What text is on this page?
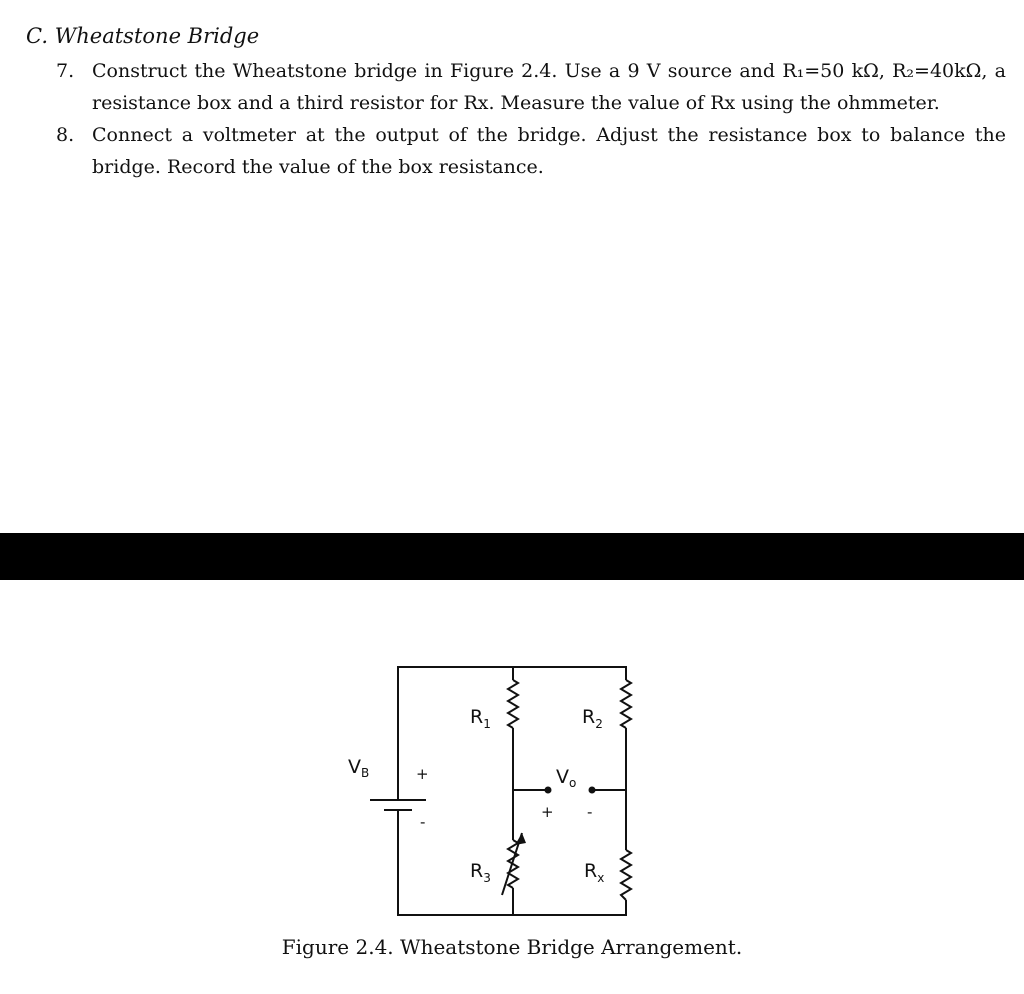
C. Wheatstone Bridge
7. Construct the Wheatstone bridge in Figure 2.4. Use a 9 V source and R₁=50 kΩ, R₂=40kΩ, a resistance box and a third resistor for Rx. Measure the value of Rx using the ohmmeter.
8. Connect a voltmeter at the output of the bridge. Adjust the resistance box to balance the bridge. Record the value of the box resistance.
$V_B$	+
-
$R_1$	$R_2$
$R_3$	$R_x$
$V_o$
+ -
Figure 2.4. Wheatstone Bridge Arrangement.
